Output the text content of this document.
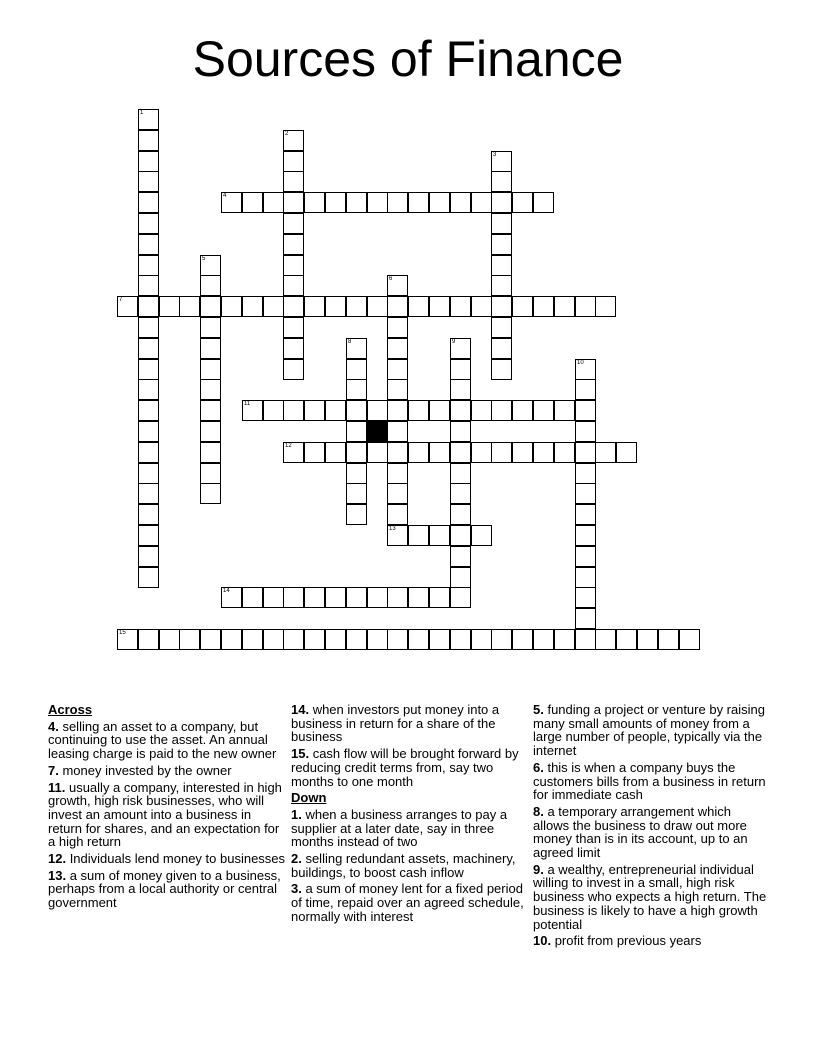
Sources of Finance
1
2
3
4
5
6
7
8	9
10
11
12
13
14
15
Across
4. selling an asset to a company, but continuing to use the asset. An annual leasing charge is paid to the new owner
7. money invested by the owner
11. usually a company, interested in high growth, high risk businesses, who will invest an amount into a business in return for shares, and an expectation for a high return
12. Individuals lend money to businesses
13. a sum of money given to a business, perhaps from a local authority or central government
14. when investors put money into a business in return for a share of the business
15. cash flow will be brought forward by reducing credit terms from, say two months to one month
Down
1. when a business arranges to pay a supplier at a later date, say in three months instead of two
2. selling redundant assets, machinery, buildings, to boost cash inflow
3. a sum of money lent for a fixed period of time, repaid over an agreed schedule, normally with interest
5. funding a project or venture by raising many small amounts of money from a large number of people, typically via the internet
6. this is when a company buys the customers bills from a business in return for immediate cash
8. a temporary arrangement which allows the business to draw out more money than is in its account, up to an agreed limit
9. a wealthy, entrepreneurial individual willing to invest in a small, high risk business who expects a high return. The business is likely to have a high growth potential
10. profit from previous years
